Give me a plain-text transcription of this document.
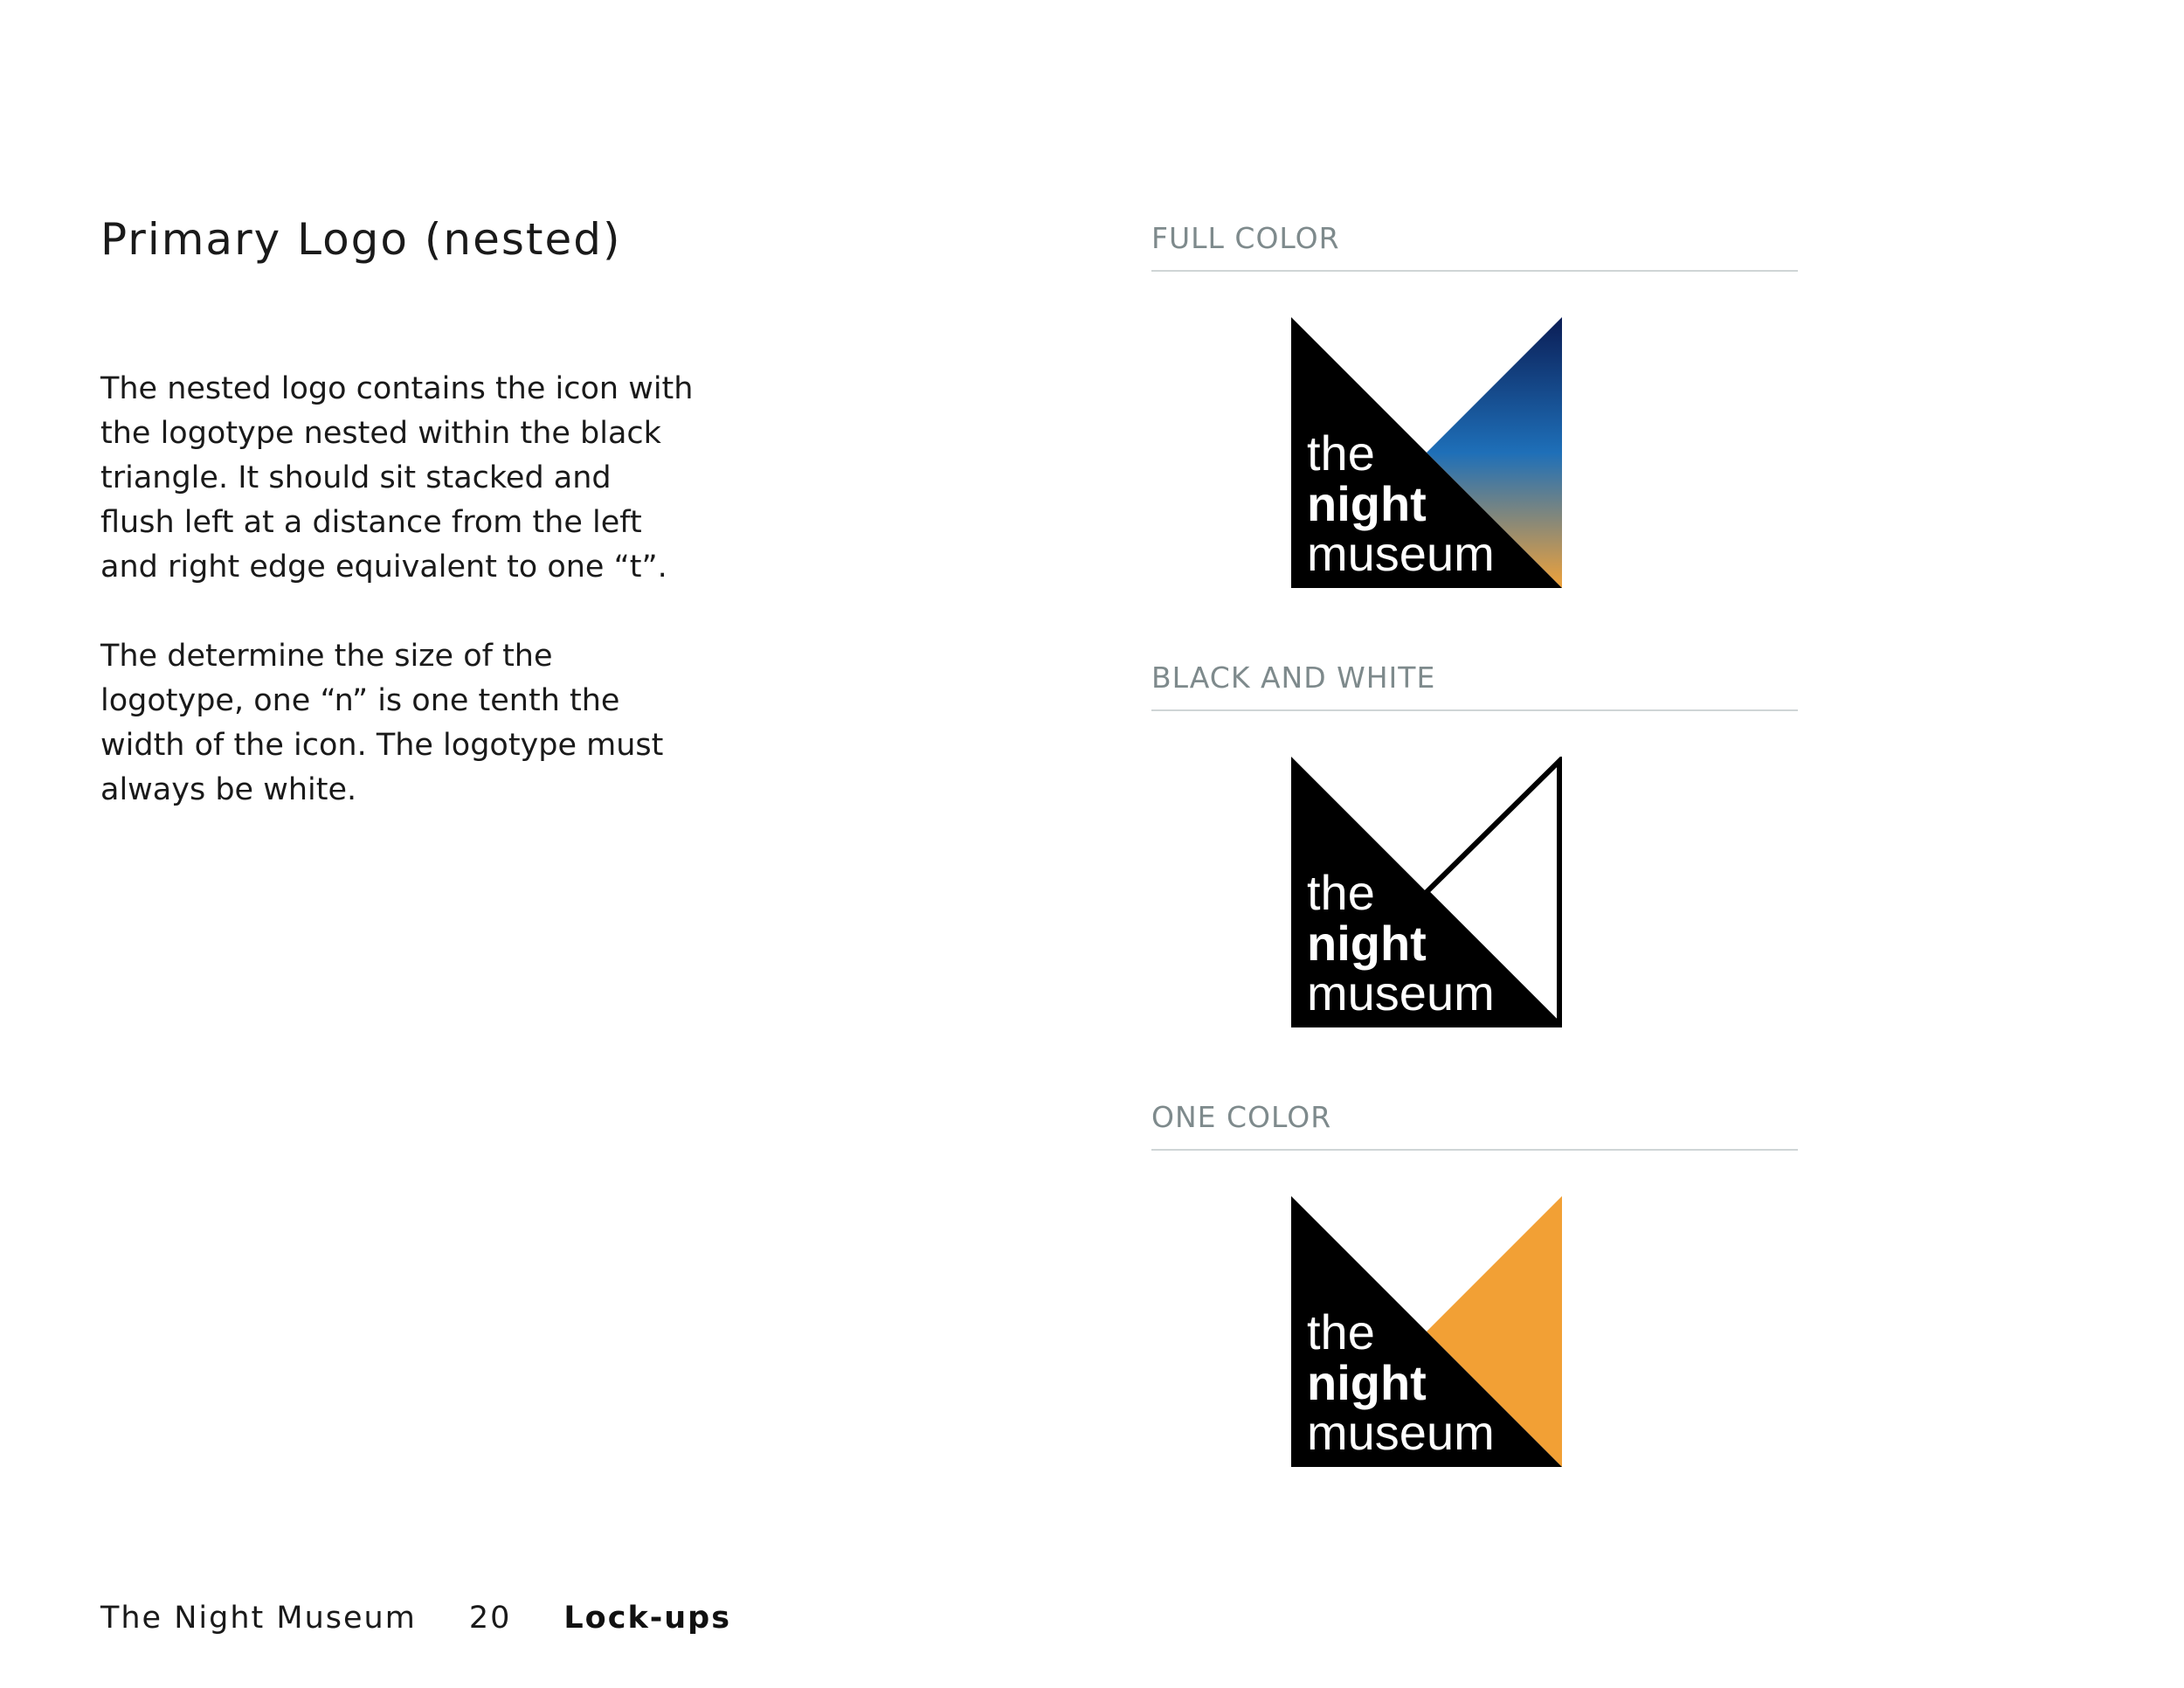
Primary Logo (nested)

The nested logo contains the icon with the logotype nested within the black triangle. It should sit stacked and flush left at a distance from the left and right edge equivalent to one “t”.

The determine the size of the logotype, one “n” is one tenth the width of the icon. The logotype must always be white.

FULL COLOR

the
night
museum

BLACK AND WHITE

the
night
museum

ONE COLOR

the
night
museum
The Night Museum 20 Lock-ups
